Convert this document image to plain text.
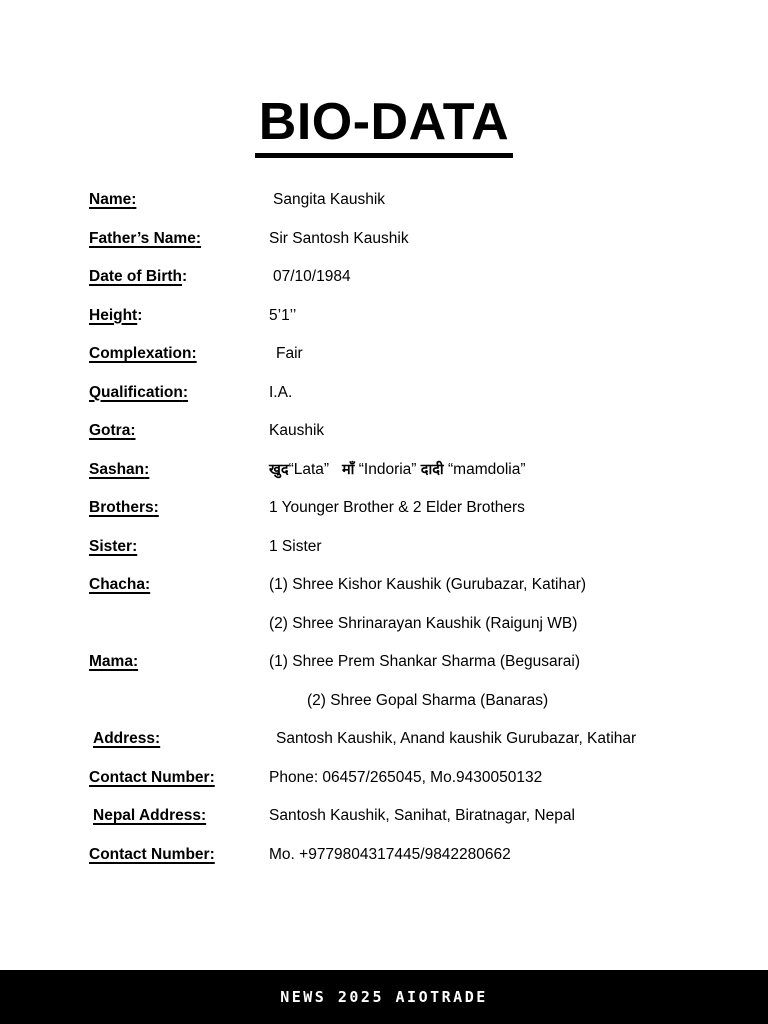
BIO-DATA
Name:	Sangita Kaushik
Father’s Name:	Sir Santosh Kaushik
Date of Birth:	07/10/1984
Height:	5’1’’
Complexation:	Fair
Qualification:	I.A.
Gotra:	Kaushik
Sashan:	खुद“Lata” माँ “Indoria” दादी “mamdolia”
Brothers:	1 Younger Brother & 2 Elder Brothers
Sister:	1 Sister
Chacha:	(1) Shree Kishor Kaushik (Gurubazar, Katihar)
(2) Shree Shrinarayan Kaushik (Raigunj WB)
Mama:	(1) Shree Prem Shankar Sharma (Begusarai)
(2) Shree Gopal Sharma (Banaras)
Address:	Santosh Kaushik, Anand kaushik Gurubazar, Katihar
Contact Number:	Phone: 06457/265045, Mo.9430050132
Nepal Address:	Santosh Kaushik, Sanihat, Biratnagar, Nepal
Contact Number:	Mo. +9779804317445/9842280662
NEWS 2025 AIOTRADE
